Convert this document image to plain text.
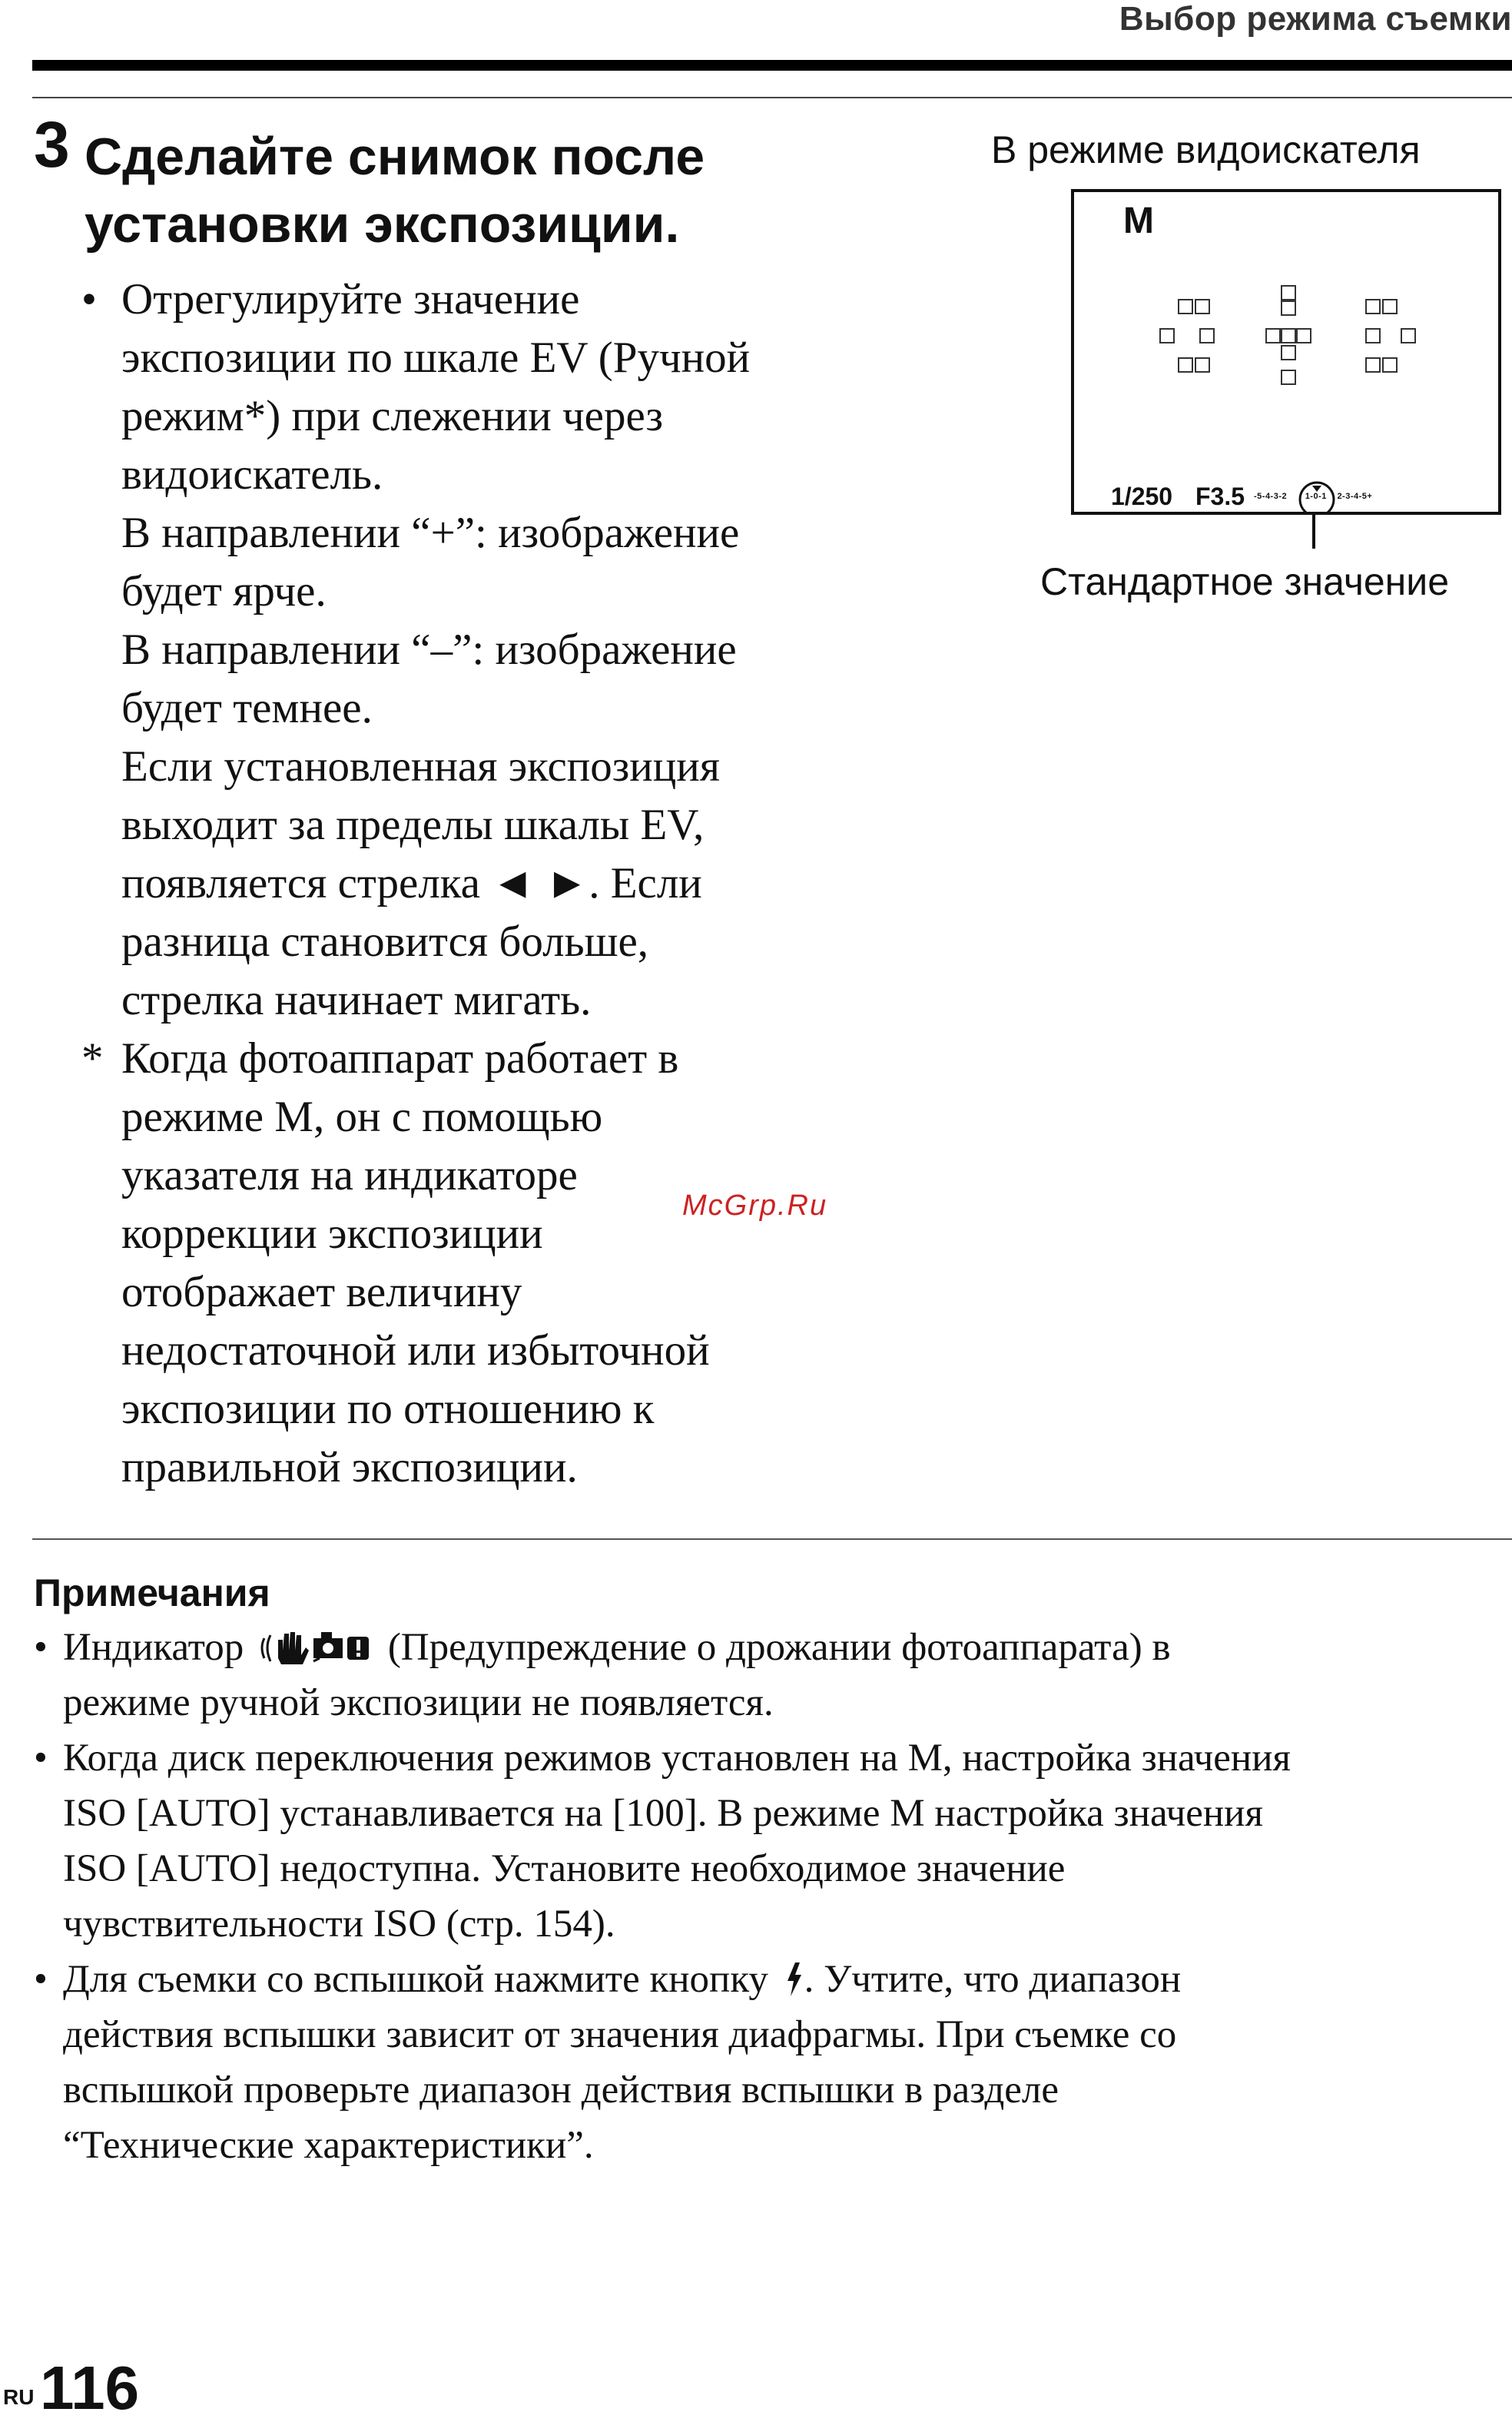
Выбор режима съемки
3 Сделайте снимок после
установки экспозиции.
• Отрегулируйте значение
экспозиции по шкале EV (Ручной
режим*) при слежении через
видоискатель.
В направлении “+”: изображение
будет ярче.
В направлении “–”: изображение
будет темнее.
Если установленная экспозиция
выходит за пределы шкалы EV,
появляется стрелка ◄ ►. Если
разница становится больше,
стрелка начинает мигать.
* Когда фотоаппарат работает в
режиме M, он с помощью
указателя на индикаторе
коррекции экспозиции
отображает величину
недостаточной или избыточной
экспозиции по отношению к
правильной экспозиции.
McGrp.Ru
В режиме видоискателя
M
1/250 F3.5 -5-4-3-2 1-0-1 2-3-4-5+
Стандартное значение
Примечания
• Индикатор	(Предупреждение о дрожании фотоаппарата) в
режиме ручной экспозиции не появляется.
• Когда диск переключения режимов установлен на M, настройка значения
ISO [AUTO] устанавливается на [100]. В режиме M настройка значения
ISO [AUTO] недоступна. Установите необходимое значение
чувствительности ISO (стр. 154).
• Для съемки со вспышкой нажмите кнопку . Учтите, что диапазон
действия вспышки зависит от значения диафрагмы. При съемке со
вспышкой проверьте диапазон действия вспышки в разделе
“Технические характеристики”.
RU 116
